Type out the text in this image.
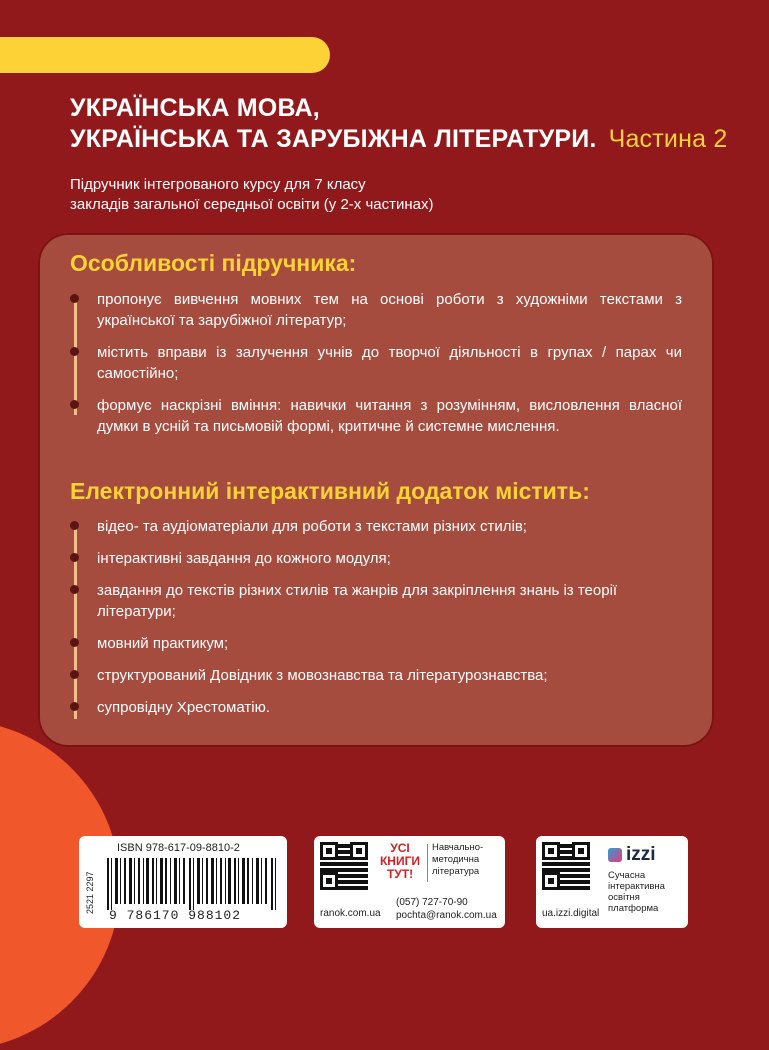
УКРАЇНСЬКА МОВА,
УКРАЇНСЬКА ТА ЗАРУБІЖНА ЛІТЕРАТУРИ. Частина 2
Підручник інтегрованого курсу для 7 класу
закладів загальної середньої освіти (у 2-х частинах)
Особливості підручника:
пропонує вивчення мовних тем на основі роботи з художніми текстами з української та зарубіжної літератур;
містить вправи із залучення учнів до творчої діяльності в групах / парах чи самостійно;
формує наскрізні вміння: навички читання з розумінням, висловлення власної думки в усній та письмовій формі, критичне й системне мислення.
Електронний інтерактивний додаток містить:
відео- та аудіоматеріали для роботи з текстами різних стилів;
інтерактивні завдання до кожного модуля;
завдання до текстів різних стилів та жанрів для закріплення знань із теорії літератури;
мовний практикум;
структурований Довідник з мовознавства та літературознавства;
супровідну Хрестоматію.
ISBN 978-617-09-8810-2
2521 2297
9 786170 988102
УСІ
КНИГИ
ТУТ!
Навчально-
методична
література
ranok.com.ua
(057) 727-70-90
pochta@ranok.com.ua
izzi
Сучасна
інтерактивна
освітня
платформа
ua.izzi.digital
